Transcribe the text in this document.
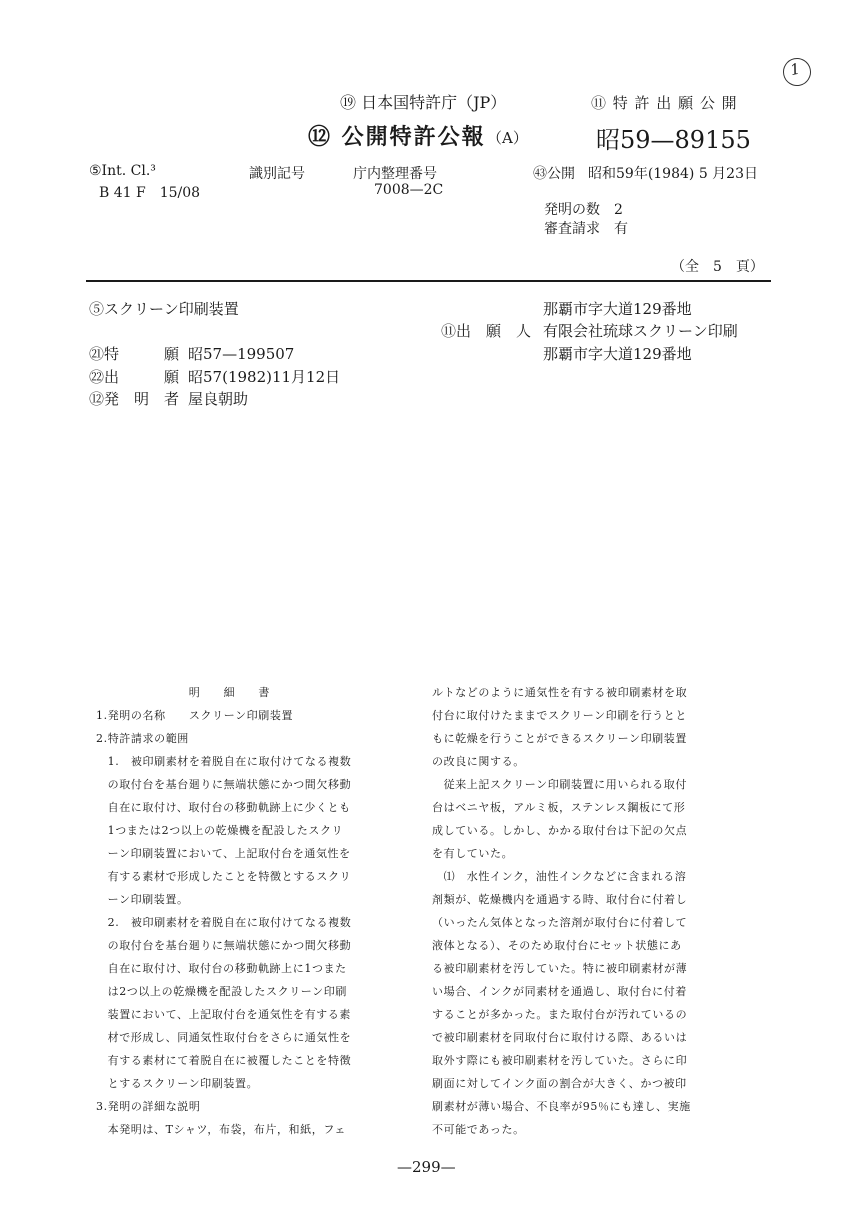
1
⑲ 日本国特許庁（JP）	⑪ 特 許 出 願 公 開
⑫ 公開特許公報 （A）	昭59—89155
⑤Int. Cl.³
B 41 F　15/08
識別記号	庁内整理番号
7008—2C
㊸公開 昭和59年(1984) 5 月23日
発明の数　2
審査請求　有
（全　5　頁）
⑤スクリーン印刷装置	那覇市字大道129番地
⑪出　願　人 有限会社琉球スクリーン印刷
那覇市字大道129番地
㉑特　　　願 昭57—199507
㉒出　　　願 昭57(1982)11月12日
⑫発　明　者 屋良朝助

　　　　　　　　明　　細　　書

1.発明の名称　　スクリーン印刷装置

2.特許請求の範囲

　1.　被印刷素材を着脱自在に取付けてなる複数

　の取付台を基台廻りに無端状態にかつ間欠移動

　自在に取付け、取付台の移動軌跡上に少くとも

　1つまたは2つ以上の乾燥機を配設したスクリ

　ーン印刷装置において、上記取付台を通気性を

　有する素材で形成したことを特徴とするスクリ

　ーン印刷装置。

　2.　被印刷素材を着脱自在に取付けてなる複数

　の取付台を基台廻りに無端状態にかつ間欠移動

　自在に取付け、取付台の移動軌跡上に1つまた

　は2つ以上の乾燥機を配設したスクリーン印刷

　装置において、上記取付台を通気性を有する素

　材で形成し、同通気性取付台をさらに通気性を

　有する素材にて着脱自在に被覆したことを特徴

　とするスクリーン印刷装置。

3.発明の詳細な説明

　本発明は、Tシャツ，布袋，布片，和紙，フェ

ルトなどのように通気性を有する被印刷素材を取

付台に取付けたままでスクリーン印刷を行うとと

もに乾燥を行うことができるスクリーン印刷装置

の改良に関する。

　従来上記スクリーン印刷装置に用いられる取付

台はベニヤ板，アルミ板，ステンレス鋼板にて形

成している。しかし、かかる取付台は下記の欠点

を有していた。

　⑴　水性インク，油性インクなどに含まれる溶

剤類が、乾燥機内を通過する時、取付台に付着し

（いったん気体となった溶剤が取付台に付着して

液体となる）、そのため取付台にセット状態にあ

る被印刷素材を汚していた。特に被印刷素材が薄

い場合、インクが同素材を通過し、取付台に付着

することが多かった。また取付台が汚れているの

で被印刷素材を同取付台に取付ける際、あるいは

取外す際にも被印刷素材を汚していた。さらに印

刷面に対してインク面の割合が大きく、かつ被印

刷素材が薄い場合、不良率が95％にも達し、実施

不可能であった。

—299—
